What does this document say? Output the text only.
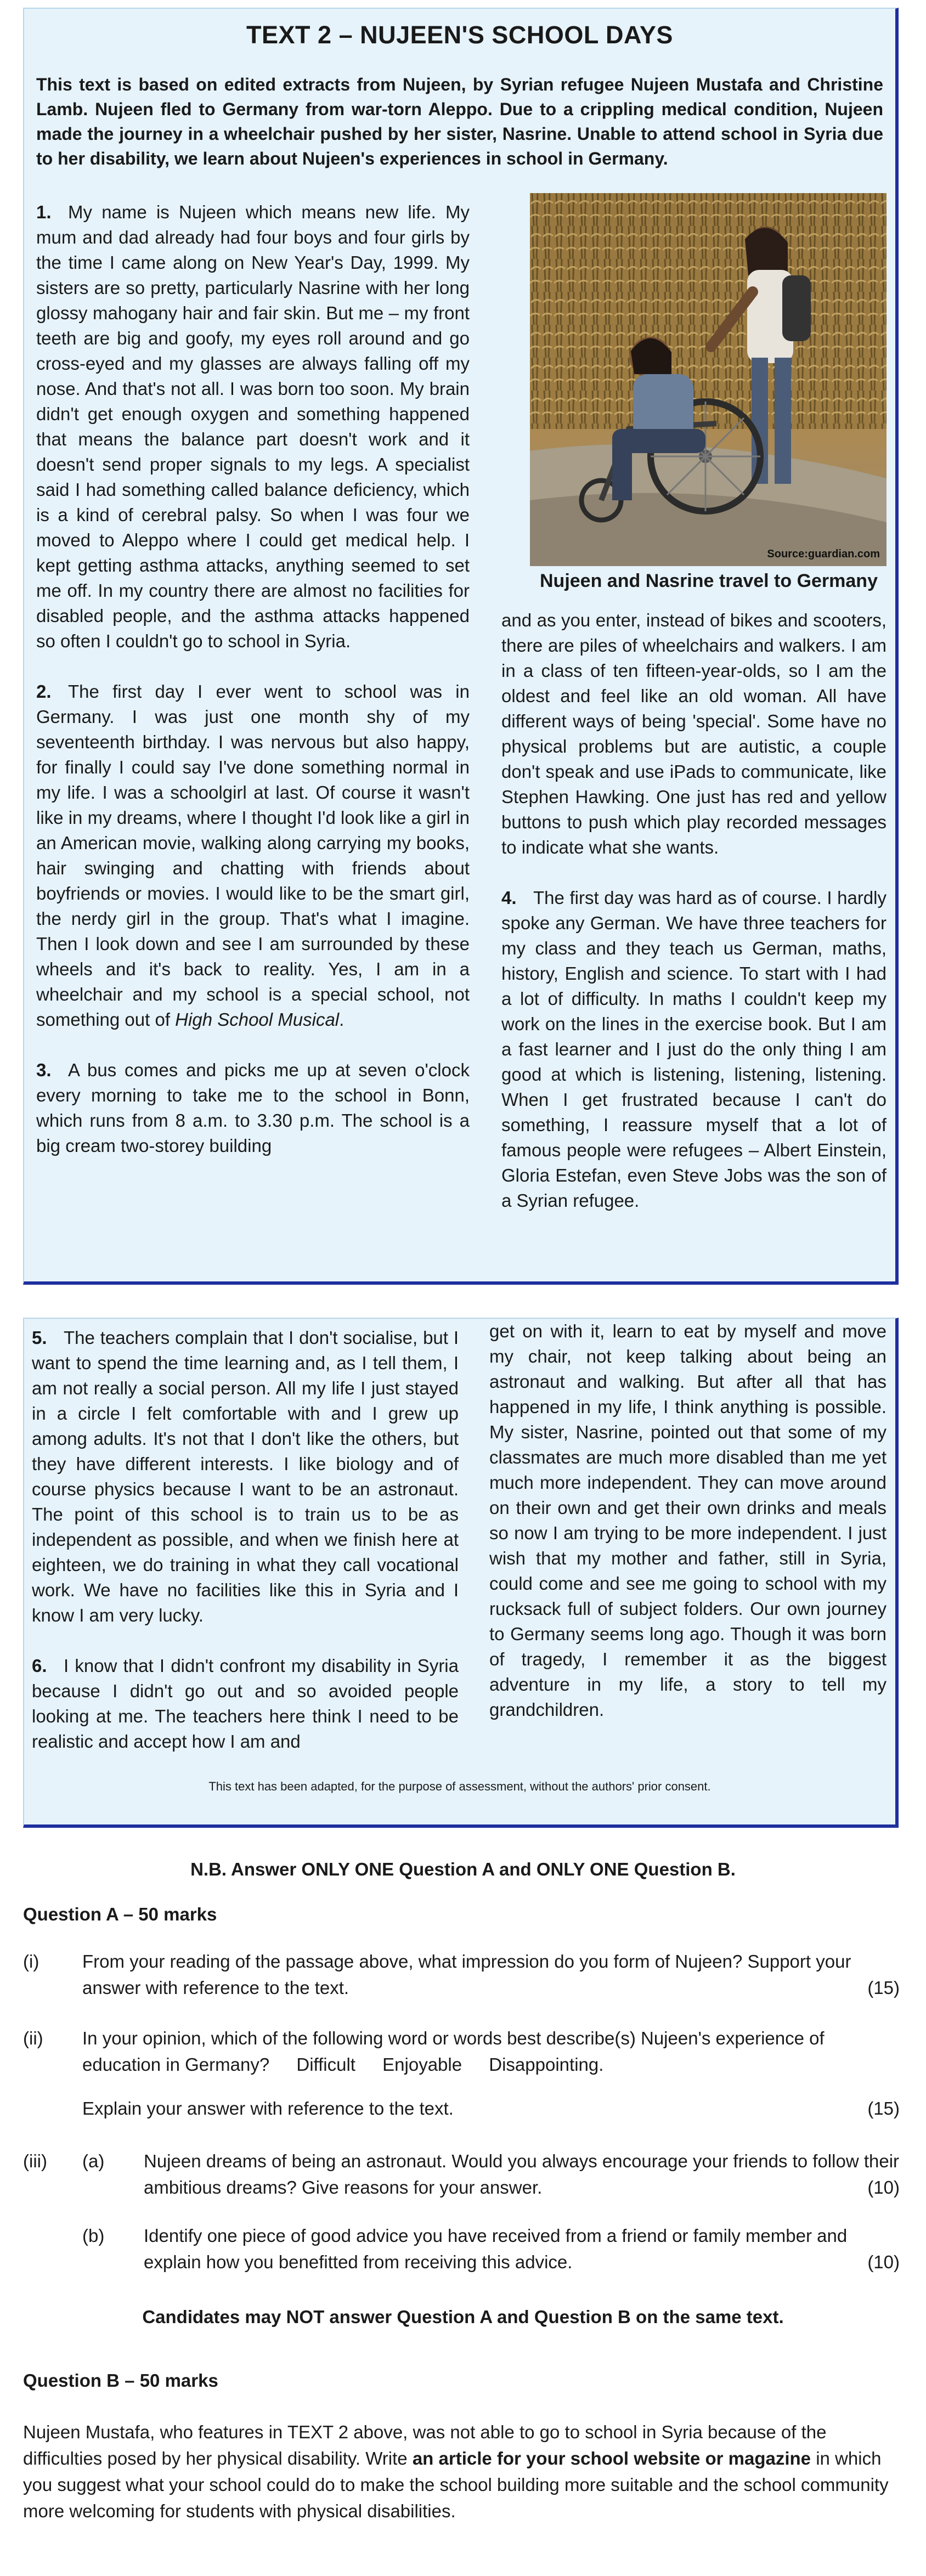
TEXT 2 – NUJEEN'S SCHOOL DAYS
This text is based on edited extracts from Nujeen, by Syrian refugee Nujeen Mustafa and Christine Lamb. Nujeen fled to Germany from war-torn Aleppo. Due to a crippling medical condition, Nujeen made the journey in a wheelchair pushed by her sister, Nasrine. Unable to attend school in Syria due to her disability, we learn about Nujeen's experiences in school in Germany.

1. My name is Nujeen which means new life. My mum and dad already had four boys and four girls by the time I came along on New Year's Day, 1999. My sisters are so pretty, particularly Nasrine with her long glossy mahogany hair and fair skin. But me – my front teeth are big and goofy, my eyes roll around and go cross-eyed and my glasses are always falling off my nose. And that's not all. I was born too soon. My brain didn't get enough oxygen and something happened that means the balance part doesn't work and it doesn't send proper signals to my legs. A specialist said I had something called balance deficiency, which is a kind of cerebral palsy. So when I was four we moved to Aleppo where I could get medical help. I kept getting asthma attacks, anything seemed to set me off. In my country there are almost no facilities for disabled people, and the asthma attacks happened so often I couldn't go to school in Syria.

2. The first day I ever went to school was in Germany. I was just one month shy of my seventeenth birthday. I was nervous but also happy, for finally I could say I've done something normal in my life. I was a schoolgirl at last. Of course it wasn't like in my dreams, where I thought I'd look like a girl in an American movie, walking along carrying my books, hair swinging and chatting with friends about boyfriends or movies. I would like to be the smart girl, the nerdy girl in the group. That's what I imagine. Then I look down and see I am surrounded by these wheels and it's back to reality. Yes, I am in a wheelchair and my school is a special school, not something out of High School Musical.

3. A bus comes and picks me up at seven o'clock every morning to take me to the school in Bonn, which runs from 8 a.m. to 3.30 p.m. The school is a big cream two-storey building

Source:guardian.com
Nujeen and Nasrine travel to Germany

and as you enter, instead of bikes and scooters, there are piles of wheelchairs and walkers. I am in a class of ten fifteen-year-olds, so I am the oldest and feel like an old woman. All have different ways of being 'special'. Some have no physical problems but are autistic, a couple don't speak and use iPads to communicate, like Stephen Hawking. One just has red and yellow buttons to push which play recorded messages to indicate what she wants.

4. The first day was hard as of course. I hardly spoke any German. We have three teachers for my class and they teach us German, maths, history, English and science. To start with I had a lot of difficulty. In maths I couldn't keep my work on the lines in the exercise book. But I am a fast learner and I just do the only thing I am good at which is listening, listening, listening. When I get frustrated because I can't do something, I reassure myself that a lot of famous people were refugees – Albert Einstein, Gloria Estefan, even Steve Jobs was the son of a Syrian refugee.

5. The teachers complain that I don't socialise, but I want to spend the time learning and, as I tell them, I am not really a social person. All my life I just stayed in a circle I felt comfortable with and I grew up among adults. It's not that I don't like the others, but they have different interests. I like biology and of course physics because I want to be an astronaut. The point of this school is to train us to be as independent as possible, and when we finish here at eighteen, we do training in what they call vocational work. We have no facilities like this in Syria and I know I am very lucky.

6. I know that I didn't confront my disability in Syria because I didn't go out and so avoided people looking at me. The teachers here think I need to be realistic and accept how I am and

get on with it, learn to eat by myself and move my chair, not keep talking about being an astronaut and walking. But after all that has happened in my life, I think anything is possible. My sister, Nasrine, pointed out that some of my classmates are much more disabled than me yet much more independent. They can move around on their own and get their own drinks and meals so now I am trying to be more independent. I just wish that my mother and father, still in Syria, could come and see me going to school with my rucksack full of subject folders. Our own journey to Germany seems long ago. Though it was born of tragedy, I remember it as the biggest adventure in my life, a story to tell my grandchildren.

This text has been adapted, for the purpose of assessment, without the authors' prior consent.
N.B. Answer ONLY ONE Question A and ONLY ONE Question B.
Question A – 50 marks
(i) From your reading of the passage above, what impression do you form of Nujeen? Support your answer with reference to the text.	(15)
(ii) In your opinion, which of the following word or words best describe(s) Nujeen's experience of education in Germany? Difficult Enjoyable Disappointing.
Explain your answer with reference to the text.	(15)
(iii) (a) Nujeen dreams of being an astronaut. Would you always encourage your friends to follow their ambitious dreams? Give reasons for your answer.	(10)
(b) Identify one piece of good advice you have received from a friend or family member and explain how you benefitted from receiving this advice.	(10)
Candidates may NOT answer Question A and Question B on the same text.
Question B – 50 marks
Nujeen Mustafa, who features in TEXT 2 above, was not able to go to school in Syria because of the difficulties posed by her physical disability. Write an article for your school website or magazine in which you suggest what your school could do to make the school building more suitable and the school community more welcoming for students with physical disabilities.
